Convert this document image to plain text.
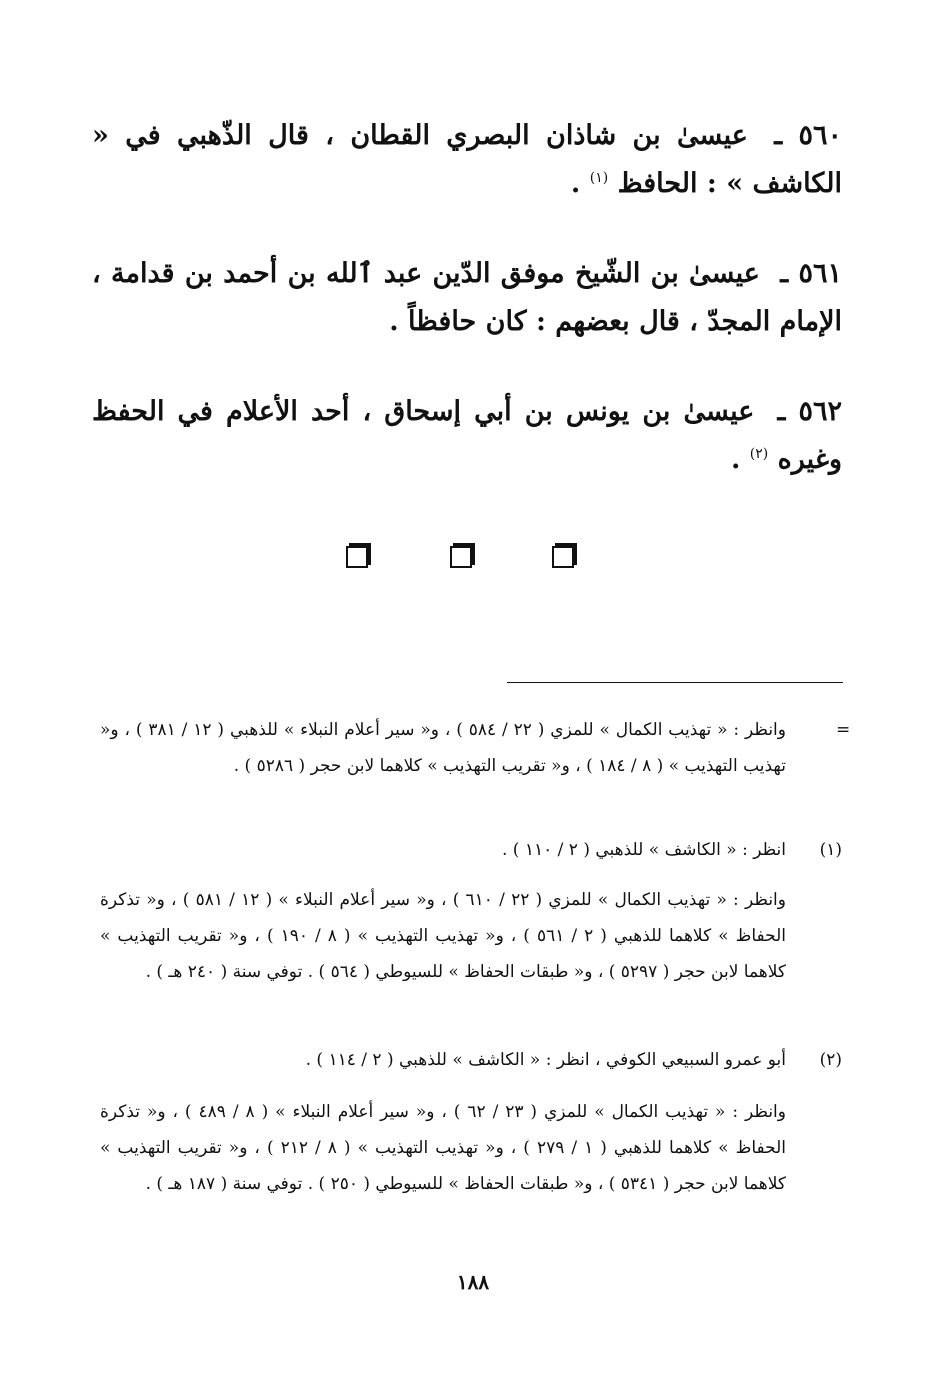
٥٦٠ ـ عيسىٰ بن شاذان البصري القطان ، قال الذّهبي في « الكاشف » : الحافظ $^{(١)}$ .
٥٦١ ـ عيسىٰ بن الشّيخ موفق الدّين عبد ٱلله بن أحمد بن قدامة ، الإمام المجدّ ، قال بعضهم : كان حافظاً .
٥٦٢ ـ عيسىٰ بن يونس بن أبي إسحاق ، أحد الأعلام في الحفظ وغيره $^{(٢)}$ .
=
وانظر : « تهذيب الكمال » للمزي ( ٢٢ / ٥٨٤ ) ، و« سير أعلام النبلاء » للذهبي ( ١٢ / ٣٨١ ) ، و« تهذيب التهذيب » ( ٨ / ١٨٤ ) ، و« تقريب التهذيب » كلاهما لابن حجر ( ٥٢٨٦ ) .
(١)
انظر : « الكاشف » للذهبي ( ٢ / ١١٠ ) .
وانظر : « تهذيب الكمال » للمزي ( ٢٢ / ٦١٠ ) ، و« سير أعلام النبلاء » ( ١٢ / ٥٨١ ) ، و« تذكرة الحفاظ » كلاهما للذهبي ( ٢ / ٥٦١ ) ، و« تهذيب التهذيب » ( ٨ / ١٩٠ ) ، و« تقريب التهذيب » كلاهما لابن حجر ( ٥٢٩٧ ) ، و« طبقات الحفاظ » للسيوطي ( ٥٦٤ ) . توفي سنة ( ٢٤٠ هـ ) .
(٢)
أبو عمرو السبيعي الكوفي ، انظر : « الكاشف » للذهبي ( ٢ / ١١٤ ) .
وانظر : « تهذيب الكمال » للمزي ( ٢٣ / ٦٢ ) ، و« سير أعلام النبلاء » ( ٨ / ٤٨٩ ) ، و« تذكرة الحفاظ » كلاهما للذهبي ( ١ / ٢٧٩ ) ، و« تهذيب التهذيب » ( ٨ / ٢١٢ ) ، و« تقريب التهذيب » كلاهما لابن حجر ( ٥٣٤١ ) ، و« طبقات الحفاظ » للسيوطي ( ٢٥٠ ) . توفي سنة ( ١٨٧ هـ ) .
١٨٨
